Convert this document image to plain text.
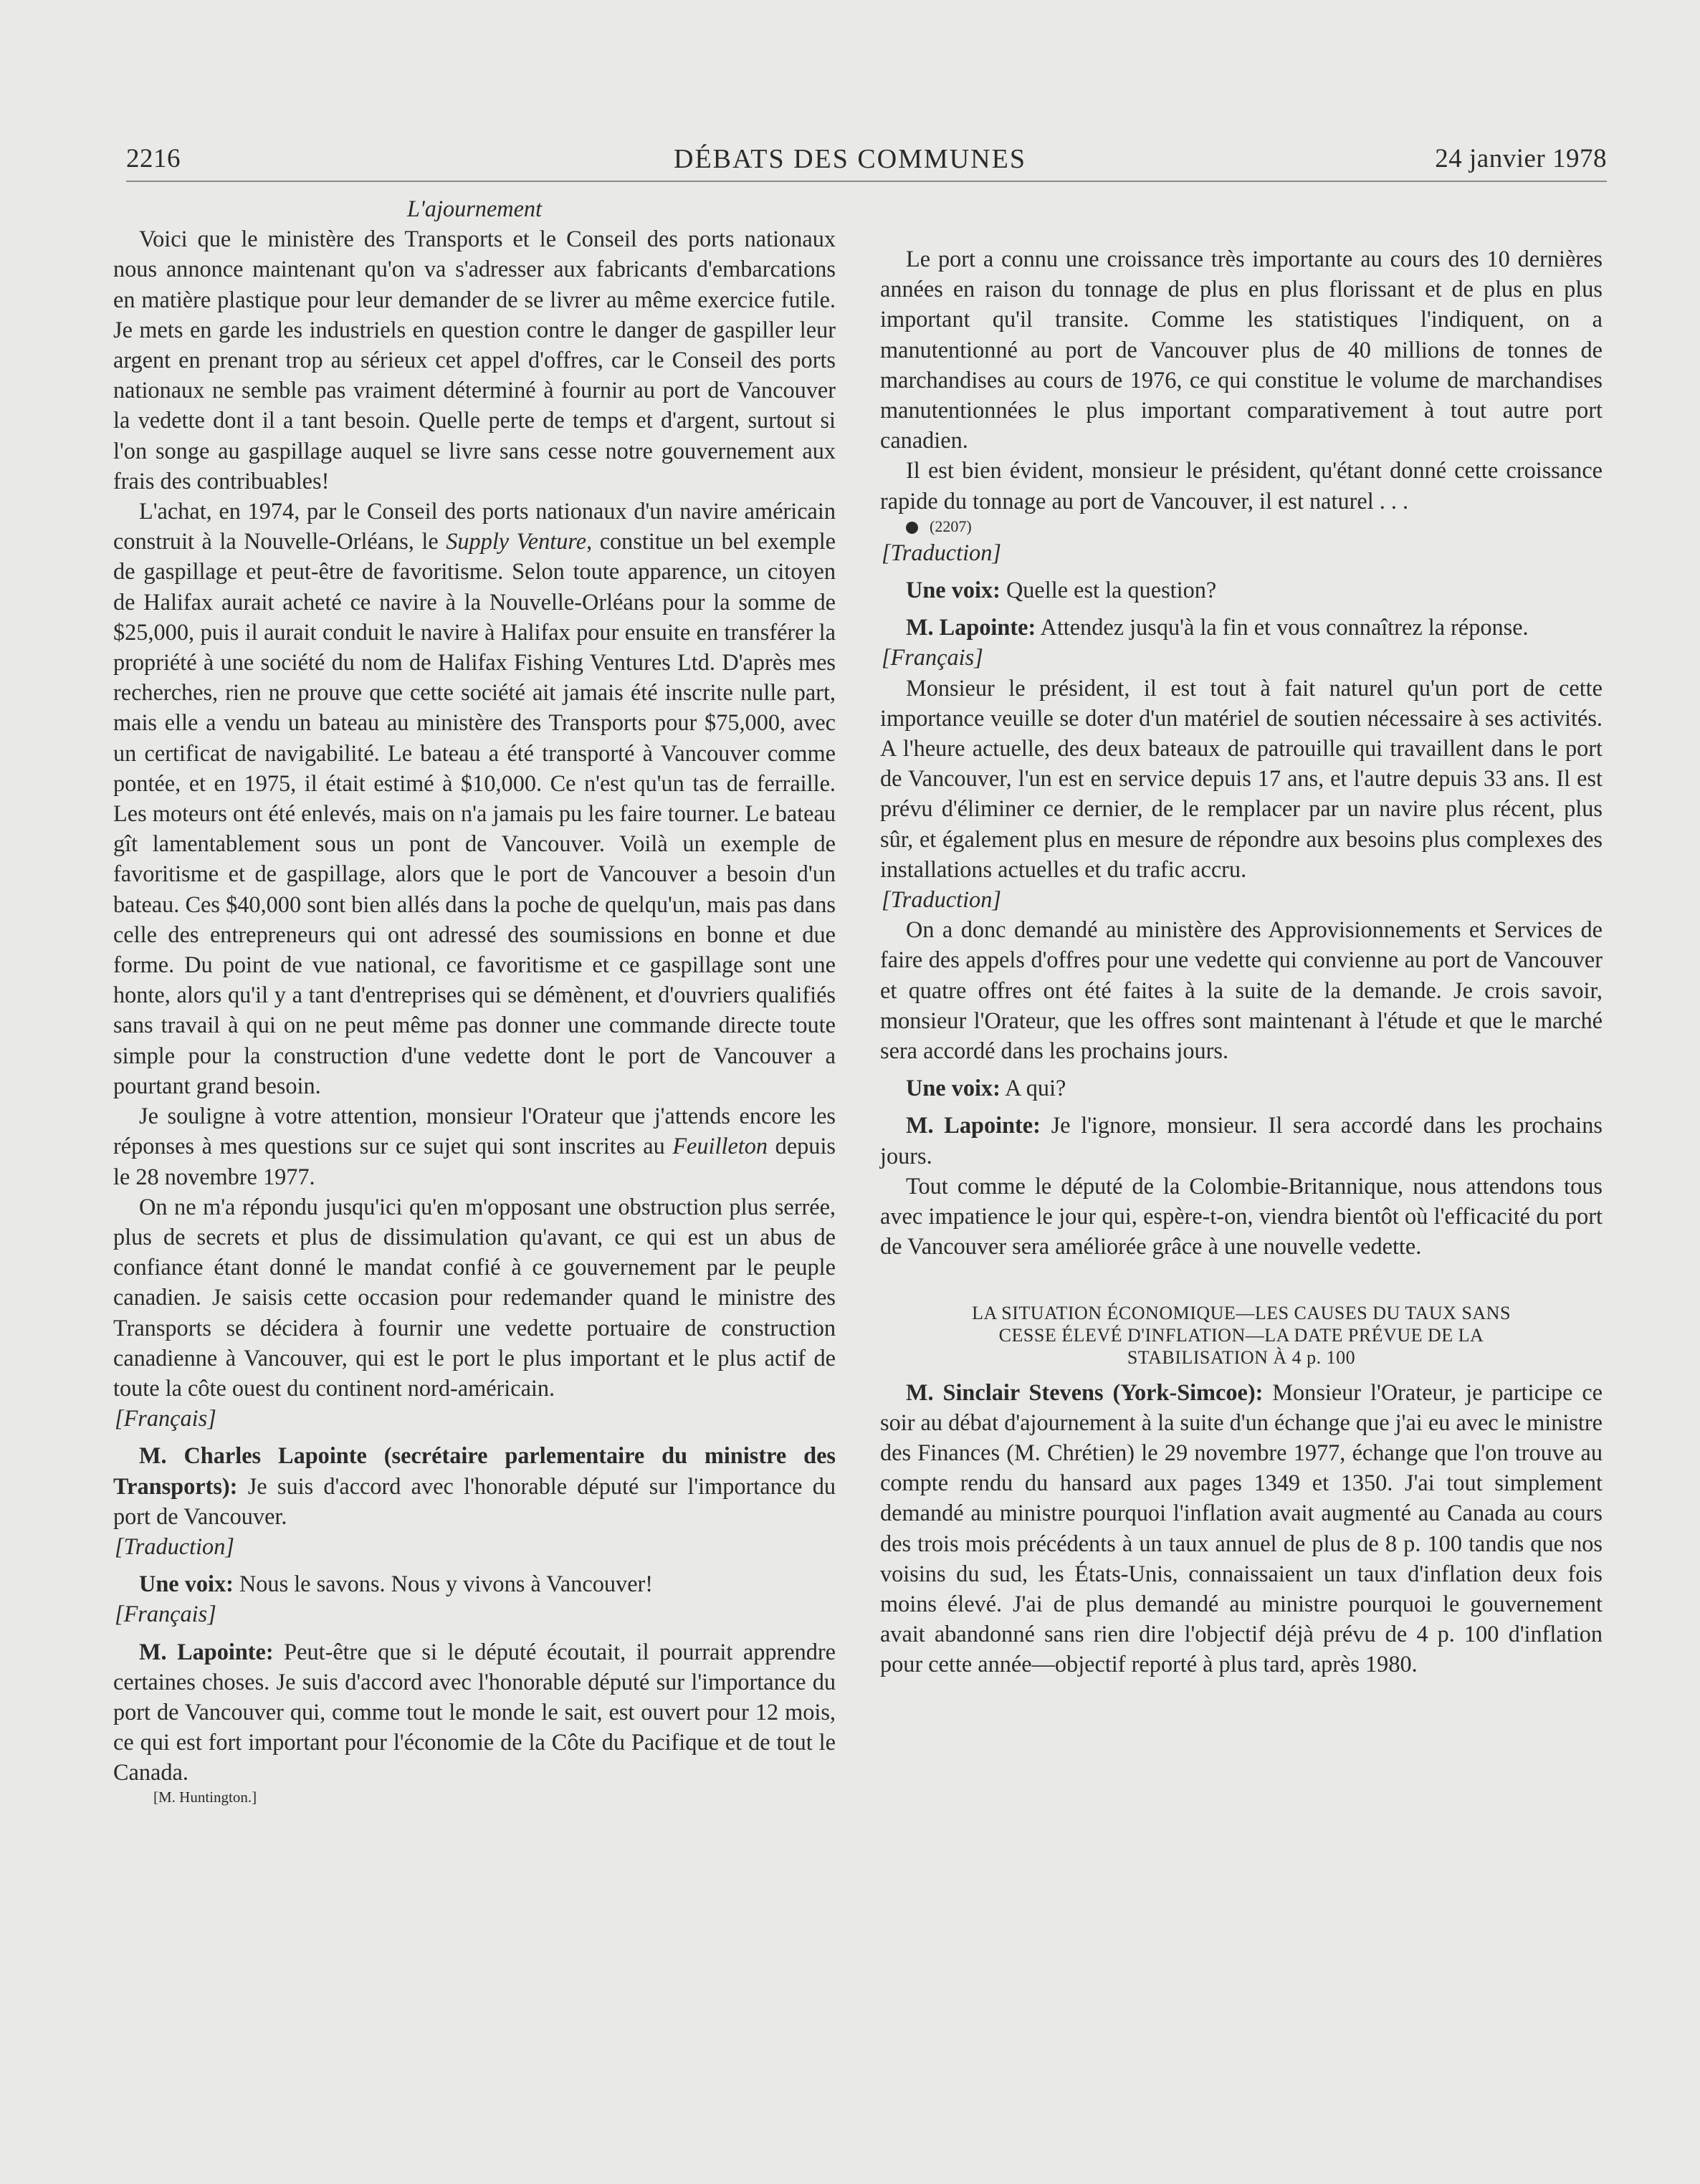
DÉBATS DES COMMUNES
2216	24 janvier 1978

L'ajournement

Voici que le ministère des Transports et le Conseil des ports nationaux nous annonce maintenant qu'on va s'adresser aux fabricants d'embarcations en matière plastique pour leur demander de se livrer au même exercice futile. Je mets en garde les industriels en question contre le danger de gaspiller leur argent en prenant trop au sérieux cet appel d'offres, car le Conseil des ports nationaux ne semble pas vraiment déterminé à fournir au port de Vancouver la vedette dont il a tant besoin. Quelle perte de temps et d'argent, surtout si l'on songe au gaspillage auquel se livre sans cesse notre gouvernement aux frais des contribuables!

L'achat, en 1974, par le Conseil des ports nationaux d'un navire américain construit à la Nouvelle-Orléans, le Supply Venture, constitue un bel exemple de gaspillage et peut-être de favoritisme. Selon toute apparence, un citoyen de Halifax aurait acheté ce navire à la Nouvelle-Orléans pour la somme de $25,000, puis il aurait conduit le navire à Halifax pour ensuite en transférer la propriété à une société du nom de Halifax Fishing Ventures Ltd. D'après mes recherches, rien ne prouve que cette société ait jamais été inscrite nulle part, mais elle a vendu un bateau au ministère des Transports pour $75,000, avec un certificat de navigabilité. Le bateau a été transporté à Vancouver comme pontée, et en 1975, il était estimé à $10,000. Ce n'est qu'un tas de ferraille. Les moteurs ont été enlevés, mais on n'a jamais pu les faire tourner. Le bateau gît lamentablement sous un pont de Vancouver. Voilà un exemple de favoritisme et de gaspillage, alors que le port de Vancouver a besoin d'un bateau. Ces $40,000 sont bien allés dans la poche de quelqu'un, mais pas dans celle des entrepreneurs qui ont adressé des soumissions en bonne et due forme. Du point de vue national, ce favoritisme et ce gaspillage sont une honte, alors qu'il y a tant d'entreprises qui se démènent, et d'ouvriers qualifiés sans travail à qui on ne peut même pas donner une commande directe toute simple pour la construction d'une vedette dont le port de Vancouver a pourtant grand besoin.

Je souligne à votre attention, monsieur l'Orateur que j'attends encore les réponses à mes questions sur ce sujet qui sont inscrites au Feuilleton depuis le 28 novembre 1977.

On ne m'a répondu jusqu'ici qu'en m'opposant une obstruction plus serrée, plus de secrets et plus de dissimulation qu'avant, ce qui est un abus de confiance étant donné le mandat confié à ce gouvernement par le peuple canadien. Je saisis cette occasion pour redemander quand le ministre des Transports se décidera à fournir une vedette portuaire de construction canadienne à Vancouver, qui est le port le plus important et le plus actif de toute la côte ouest du continent nord-américain.

[Français]

M. Charles Lapointe (secrétaire parlementaire du ministre des Transports): Je suis d'accord avec l'honorable député sur l'importance du port de Vancouver.

[Traduction]

Une voix: Nous le savons. Nous y vivons à Vancouver!

[Français]

M. Lapointe: Peut-être que si le député écoutait, il pourrait apprendre certaines choses. Je suis d'accord avec l'honorable député sur l'importance du port de Vancouver qui, comme tout le monde le sait, est ouvert pour 12 mois, ce qui est fort important pour l'économie de la Côte du Pacifique et de tout le Canada.

[M. Huntington.]

Le port a connu une croissance très importante au cours des 10 dernières années en raison du tonnage de plus en plus florissant et de plus en plus important qu'il transite. Comme les statistiques l'indiquent, on a manutentionné au port de Vancouver plus de 40 millions de tonnes de marchandises au cours de 1976, ce qui constitue le volume de marchandises manutentionnées le plus important comparativement à tout autre port canadien.

Il est bien évident, monsieur le président, qu'étant donné cette croissance rapide du tonnage au port de Vancouver, il est naturel . . .

(2207)

[Traduction]

Une voix: Quelle est la question?

M. Lapointe: Attendez jusqu'à la fin et vous connaîtrez la réponse.

[Français]

Monsieur le président, il est tout à fait naturel qu'un port de cette importance veuille se doter d'un matériel de soutien nécessaire à ses activités. A l'heure actuelle, des deux bateaux de patrouille qui travaillent dans le port de Vancouver, l'un est en service depuis 17 ans, et l'autre depuis 33 ans. Il est prévu d'éliminer ce dernier, de le remplacer par un navire plus récent, plus sûr, et également plus en mesure de répondre aux besoins plus complexes des installations actuelles et du trafic accru.

[Traduction]

On a donc demandé au ministère des Approvisionnements et Services de faire des appels d'offres pour une vedette qui convienne au port de Vancouver et quatre offres ont été faites à la suite de la demande. Je crois savoir, monsieur l'Orateur, que les offres sont maintenant à l'étude et que le marché sera accordé dans les prochains jours.

Une voix: A qui?

M. Lapointe: Je l'ignore, monsieur. Il sera accordé dans les prochains jours.

Tout comme le député de la Colombie-Britannique, nous attendons tous avec impatience le jour qui, espère-t-on, viendra bientôt où l'efficacité du port de Vancouver sera améliorée grâce à une nouvelle vedette.

LA SITUATION ÉCONOMIQUE—LES CAUSES DU TAUX SANS
CESSE ÉLEVÉ D'INFLATION—LA DATE PRÉVUE DE LA
STABILISATION À 4 p. 100

M. Sinclair Stevens (York-Simcoe): Monsieur l'Orateur, je participe ce soir au débat d'ajournement à la suite d'un échange que j'ai eu avec le ministre des Finances (M. Chrétien) le 29 novembre 1977, échange que l'on trouve au compte rendu du hansard aux pages 1349 et 1350. J'ai tout simplement demandé au ministre pourquoi l'inflation avait augmenté au Canada au cours des trois mois précédents à un taux annuel de plus de 8 p. 100 tandis que nos voisins du sud, les États-Unis, connaissaient un taux d'inflation deux fois moins élevé. J'ai de plus demandé au ministre pourquoi le gouvernement avait abandonné sans rien dire l'objectif déjà prévu de 4 p. 100 d'inflation pour cette année—objectif reporté à plus tard, après 1980.
